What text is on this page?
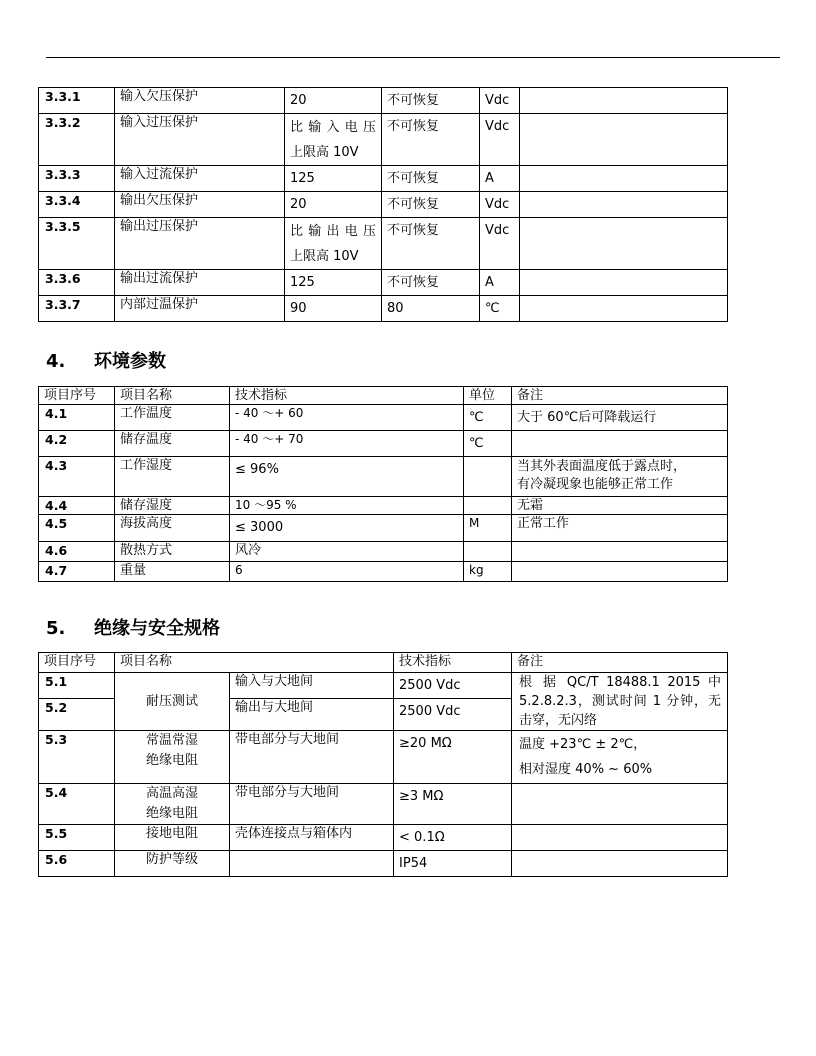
3.3.1	输入欠压保护	20	不可恢复	Vdc	
3.3.2	输入过压保护	比输入电压
上限高 10V	不可恢复	Vdc	
3.3.3	输入过流保护	125	不可恢复	A	
3.3.4	输出欠压保护	20	不可恢复	Vdc	
3.3.5	输出过压保护	比输出电压
上限高 10V	不可恢复	Vdc	
3.3.6	输出过流保护	125	不可恢复	A	
3.3.7	内部过温保护	90	80	℃	
4. 环境参数
项目序号	项目名称	技术指标	单位	备注
4.1	工作温度	- 40 ～+ 60	℃	大于 60℃后可降载运行
4.2	储存温度	- 40 ～+ 70	℃	
4.3	工作湿度	≤ 96%		当其外表面温度低于露点时，
有冷凝现象也能够正常工作

4.4	储存湿度	10 ～95 %		无霜
4.5	海拔高度	≤ 3000	M	正常工作
4.6	散热方式	风冷		
4.7	重量	6	kg	
5. 绝缘与安全规格
项目序号	项目名称		技术指标	备注
5.1	耐压测试	输入与大地间	2500 Vdc	根 据 QC/T 18488.1 2015 中
5.2.8.2.3，测试时间 1 分钟，无
击穿，无闪络

5.2		输出与大地间	2500 Vdc	
5.3	常温常湿
绝缘电阻	带电部分与大地间	≥20 MΩ	温度 +23℃ ± 2℃，
相对湿度 40% ~ 60%

5.4	高温高湿
绝缘电阻	带电部分与大地间	≥3 MΩ	
5.5	接地电阻	壳体连接点与箱体内	< 0.1Ω	
5.6	防护等级		IP54	
